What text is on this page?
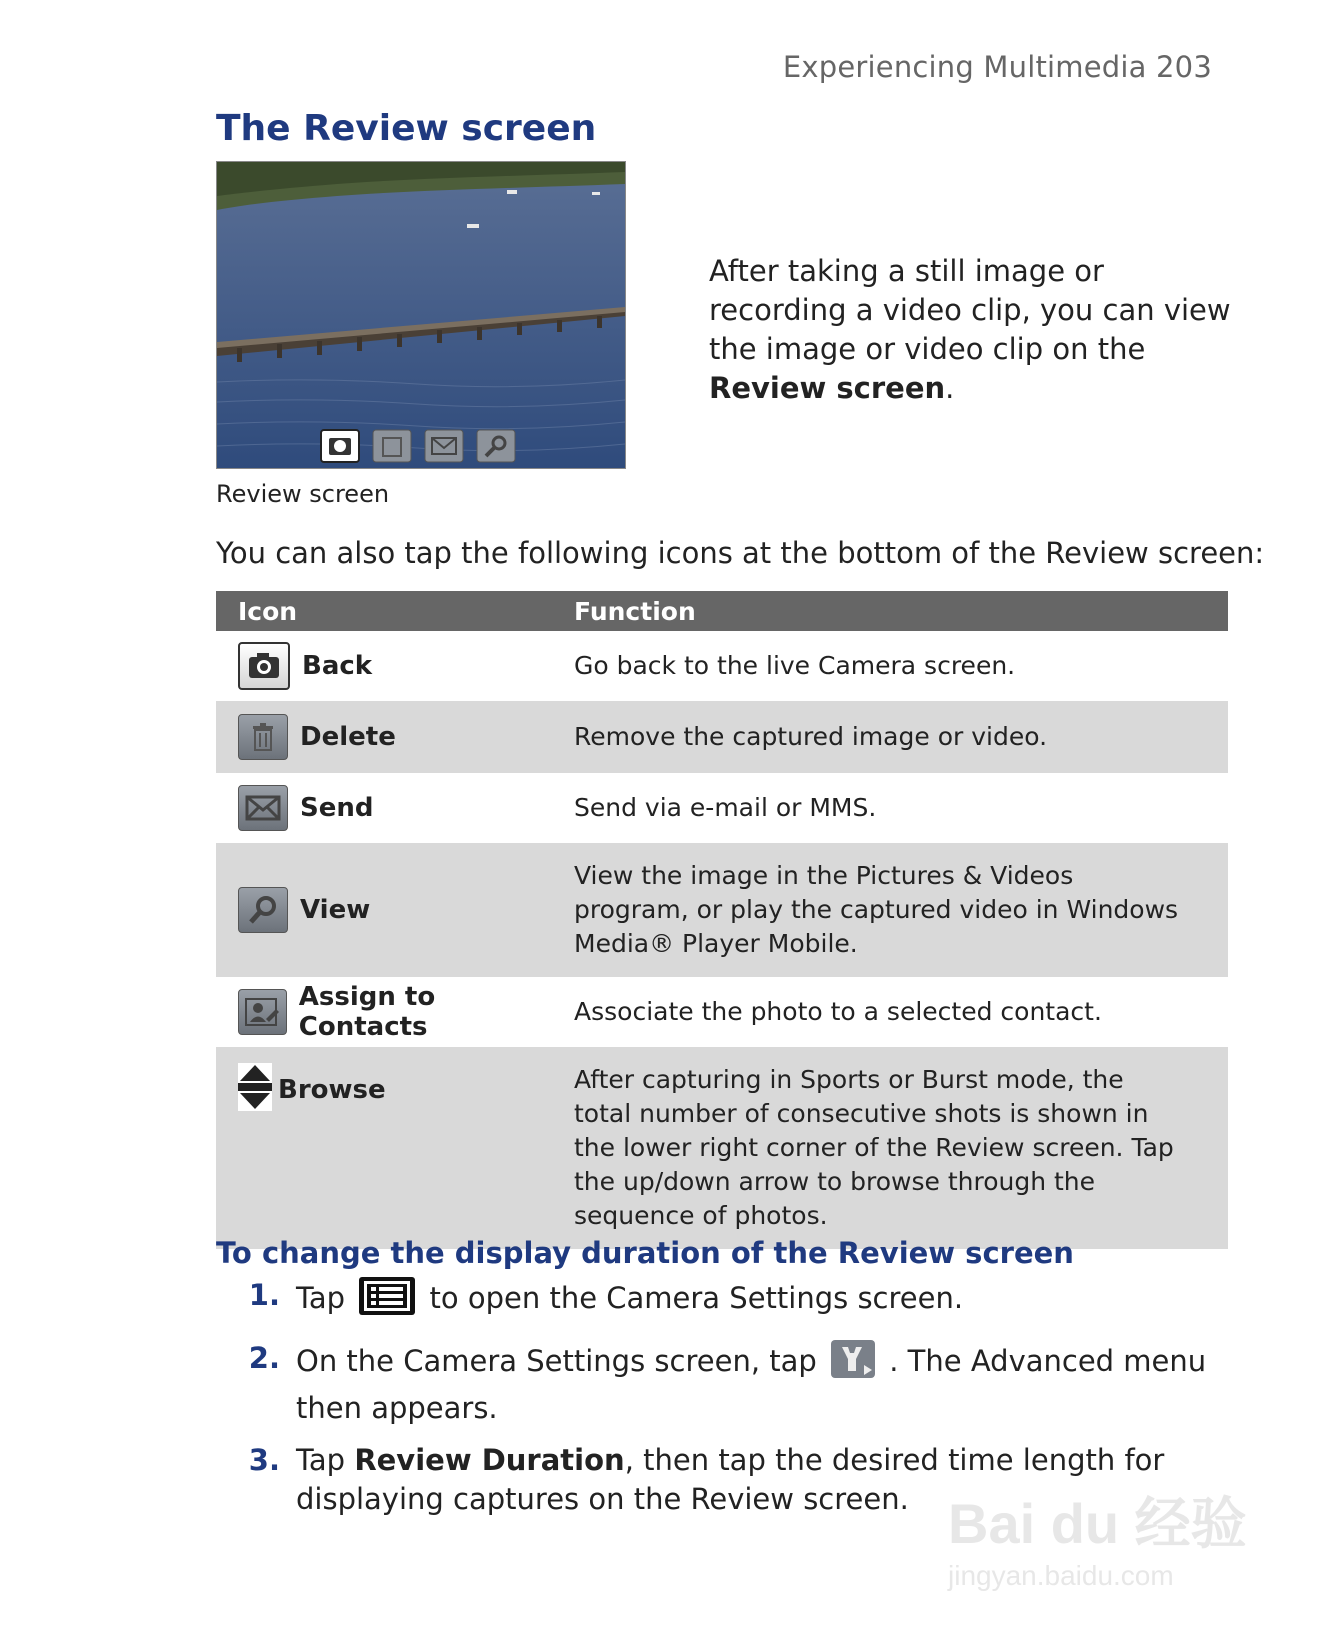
Experiencing Multimedia 203
The Review screen
Review screen
After taking a still image or recording a video clip, you can view the image or video clip on the Review screen.
You can also tap the following icons at the bottom of the Review screen:
Icon	Function

Back	Go back to the live Camera screen.

Delete	Remove the captured image or video.

Send	Send via e-mail or MMS.

View	View the image in the Pictures & Videos program, or play the captured video in Windows Media® Player Mobile.

Assign to Contacts	Associate the photo to a selected contact.

Browse	After capturing in Sports or Burst mode, the total number of consecutive shots is shown in the lower right corner of the Review screen. Tap the up/down arrow to browse through the sequence of photos.
To change the display duration of the Review screen
1. Tap  to open the Camera Settings screen.
2. On the Camera Settings screen, tap  . The Advanced menu then appears.
3. Tap Review Duration, then tap the desired time length for displaying captures on the Review screen. Bai du 经验
jingyan.baidu.com
